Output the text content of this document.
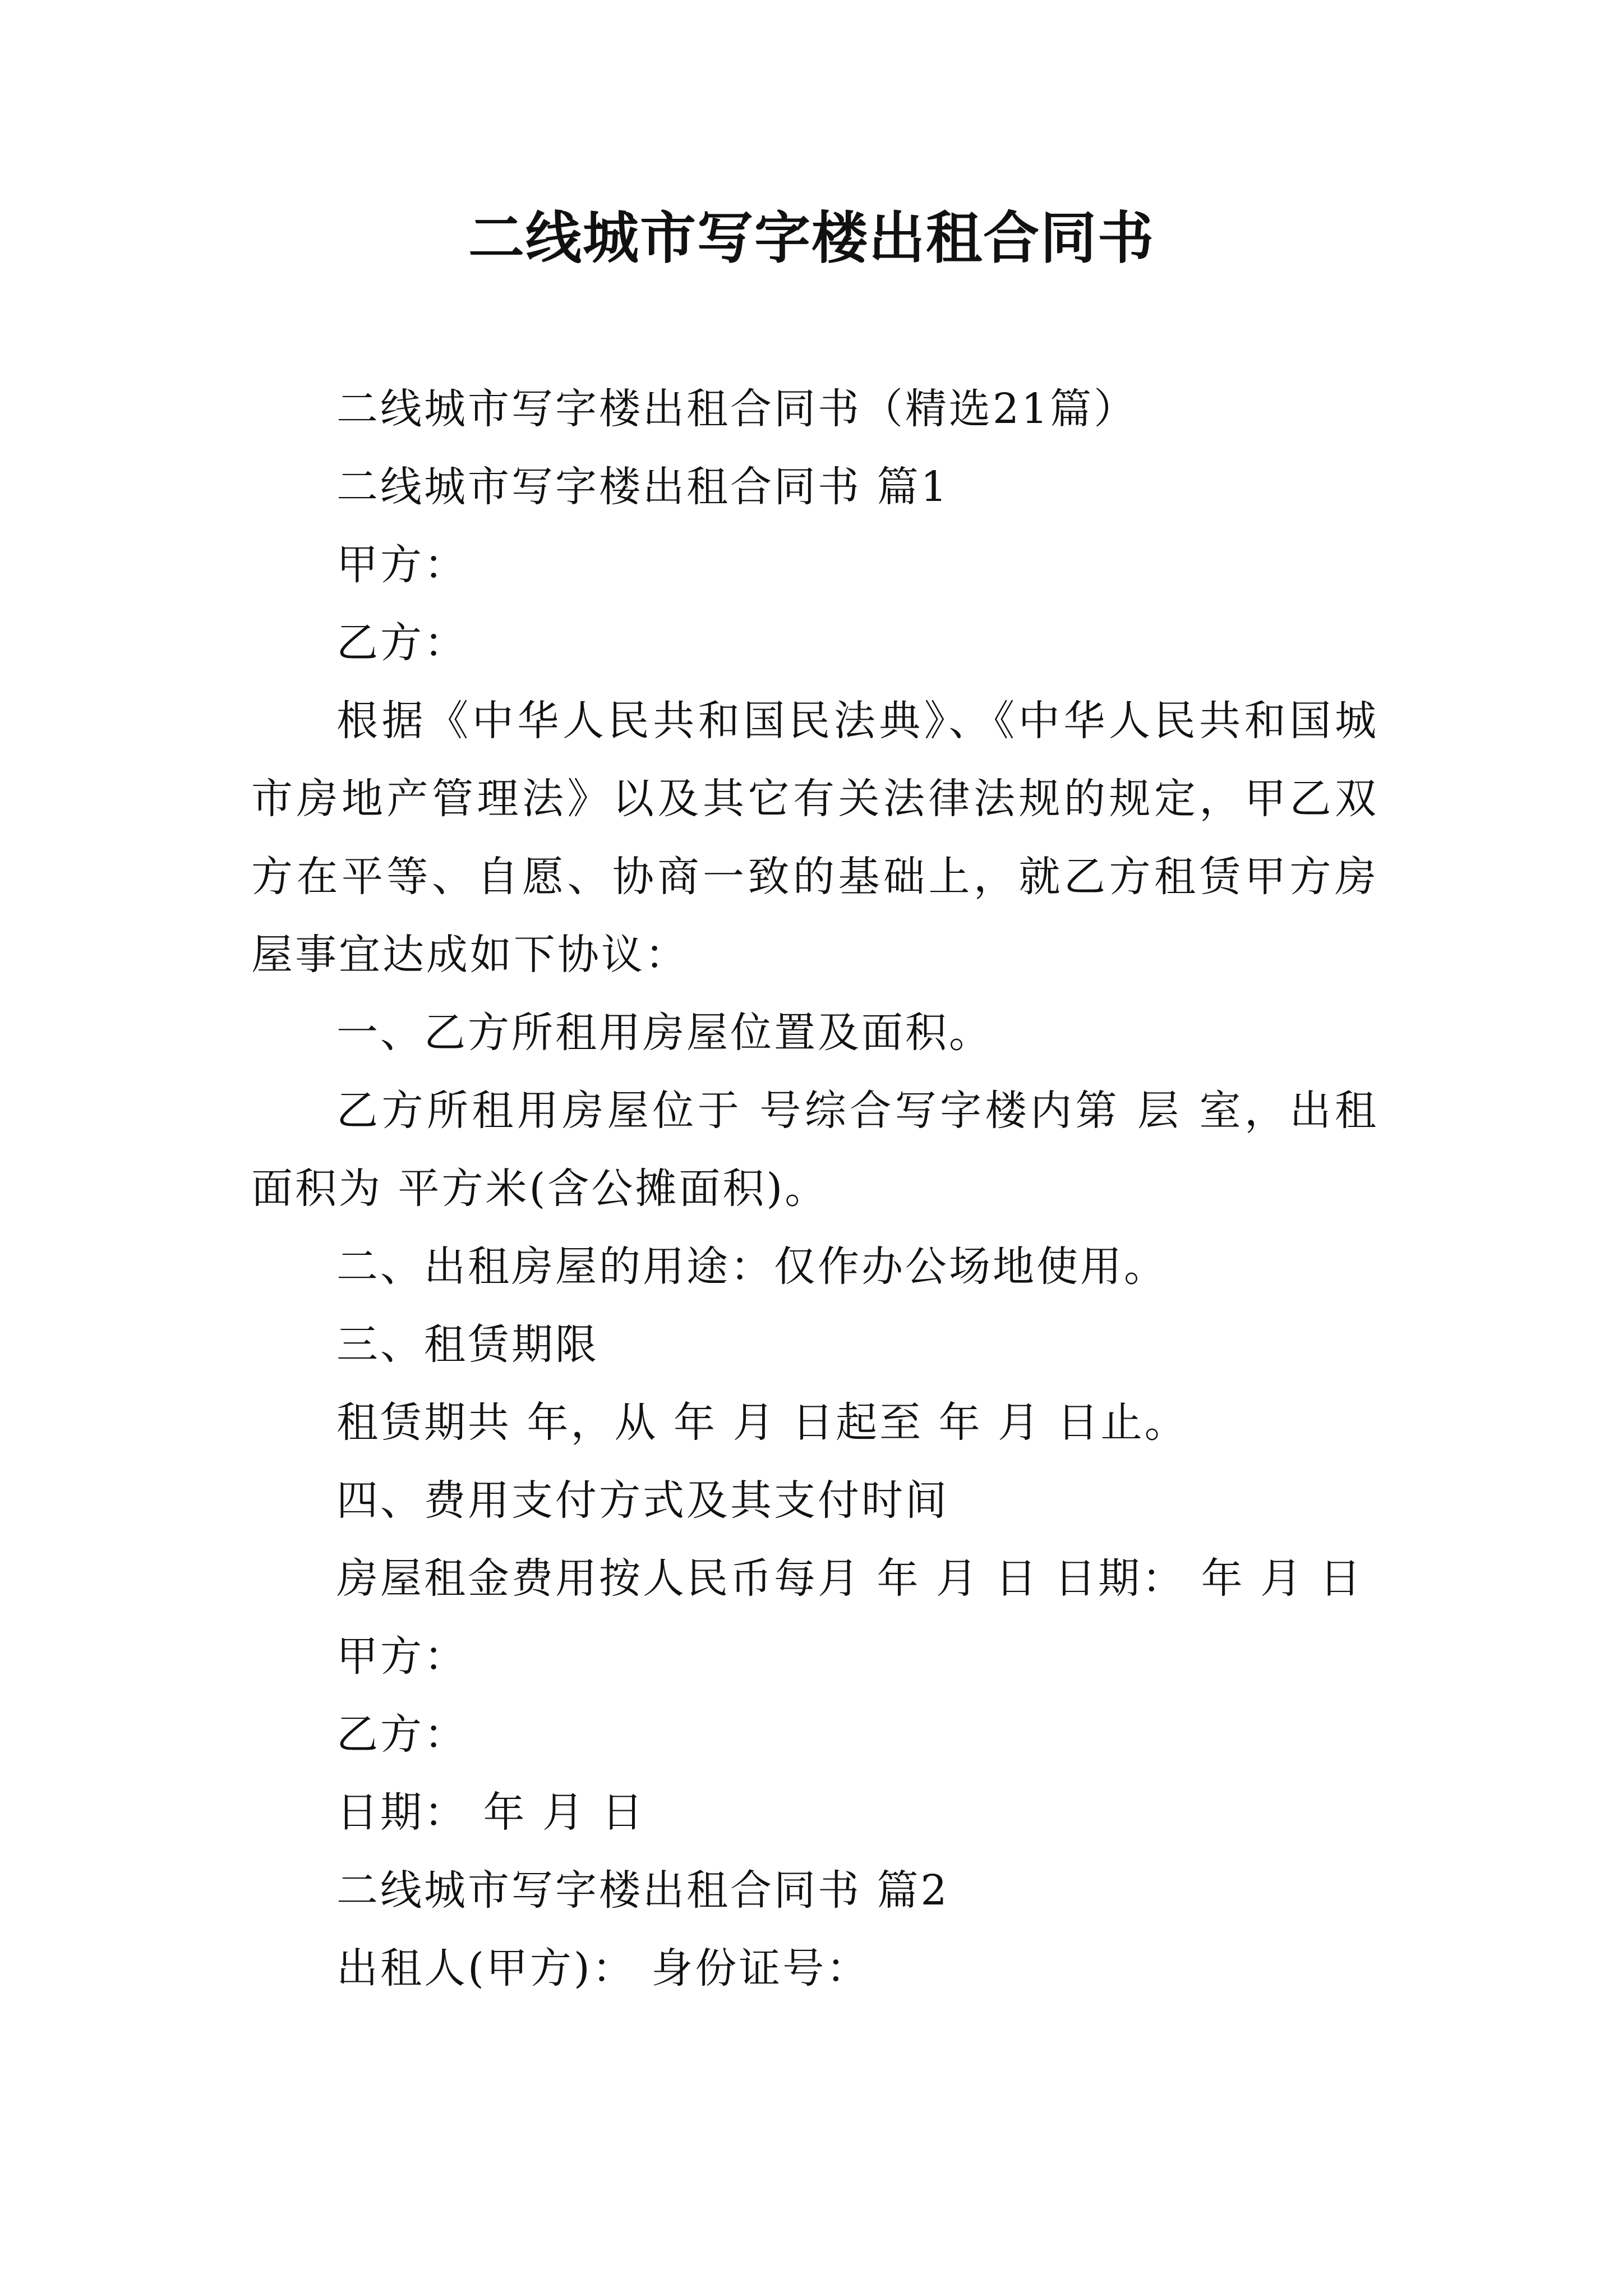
二线城市写字楼出租合同书

二线城市写字楼出租合同书（精选21篇）

二线城市写字楼出租合同书 篇1

甲方：

乙方：

根据《中华人民共和国民法典》、《中华人民共和国城市房地产管理法》以及其它有关法律法规的规定，甲乙双方在平等、自愿、协商一致的基础上，就乙方租赁甲方房屋事宜达成如下协议：

一、乙方所租用房屋位置及面积。

乙方所租用房屋位于 号综合写字楼内第 层 室，出租面积为 平方米(含公摊面积)。

二、出租房屋的用途：仅作办公场地使用。

三、租赁期限

租赁期共 年，从 年 月 日起至 年 月 日止。

四、费用支付方式及其支付时间

房屋租金费用按人民币每月 年 月 日 日期： 年 月 日

甲方：

乙方：

日期： 年 月 日

二线城市写字楼出租合同书 篇2

出租人(甲方)： 身份证号：
